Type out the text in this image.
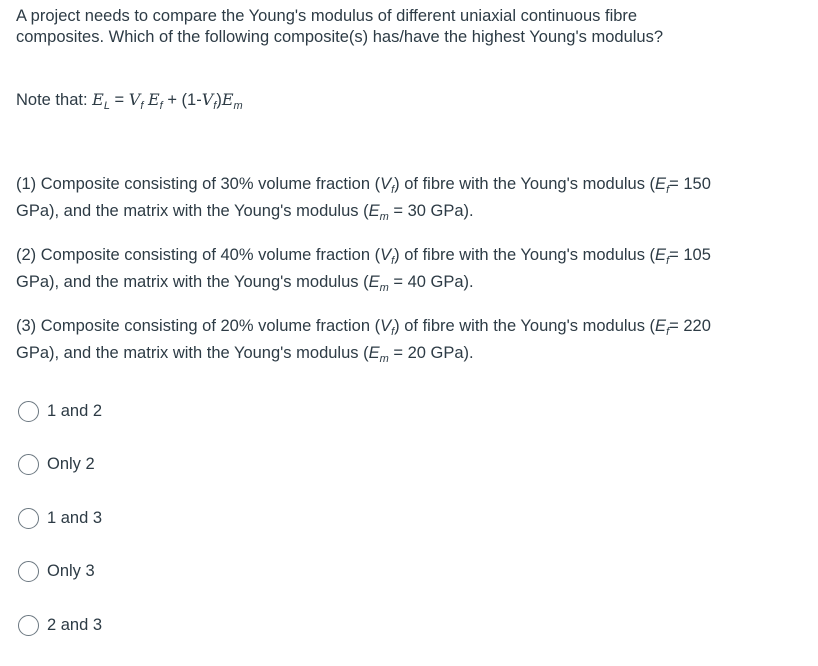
A project needs to compare the Young's modulus of different uniaxial continuous fibre composites. Which of the following composite(s) has/have the highest Young's modulus?

Note that: $E_L = V_f$ $E_f + (1-V_f)E_m$

(1) Composite consisting of 30% volume fraction $(V_f)$ of fibre with the Young's modulus ($E_f= 150$ GPa), and the matrix with the Young's modulus ($E_m = 30$ GPa).

(2) Composite consisting of 40% volume fraction $(V_f)$ of fibre with the Young's modulus ($E_f= 105$ GPa), and the matrix with the Young's modulus ($E_m = 40$ GPa).

(3) Composite consisting of 20% volume fraction $(V_f)$ of fibre with the Young's modulus ($E_f= 220$ GPa), and the matrix with the Young's modulus ($E_m = 20$ GPa).

1 and 2
Only 2
1 and 3
Only 3
2 and 3
